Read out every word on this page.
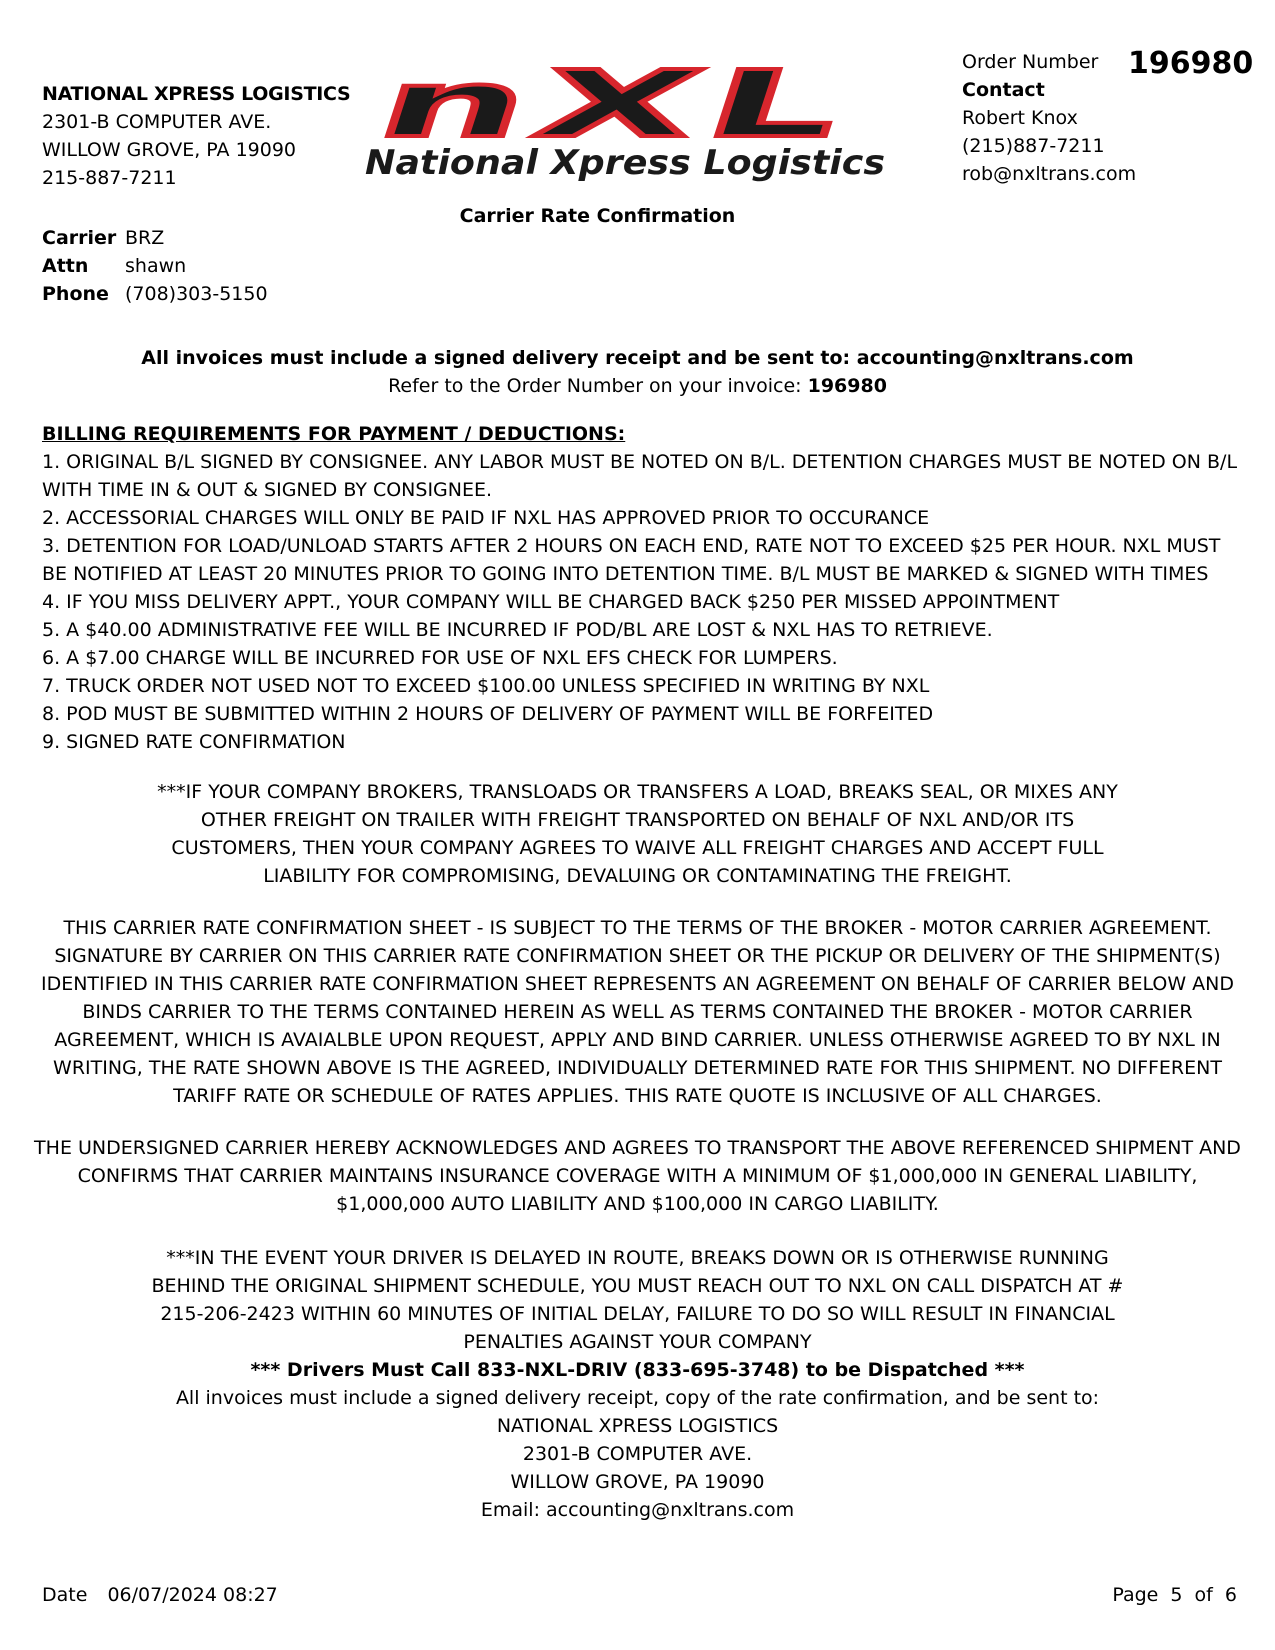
NATIONAL XPRESS LOGISTICS
2301-B COMPUTER AVE.
WILLOW GROVE, PA 19090
215-887-7211
nXL
National Xpress Logistics
Order Number
Contact
Robert Knox
(215)887-7211
rob@nxltrans.com
196980
Carrier Rate Confirmation
Carrier BRZ
Attn	shawn
Phone (708)303-5150
All invoices must include a signed delivery receipt and be sent to: accounting@nxltrans.com
Refer to the Order Number on your invoice: 196980
BILLING REQUIREMENTS FOR PAYMENT / DEDUCTIONS:
1. ORIGINAL B/L SIGNED BY CONSIGNEE. ANY LABOR MUST BE NOTED ON B/L. DETENTION CHARGES MUST BE NOTED ON B/L WITH TIME IN & OUT & SIGNED BY CONSIGNEE.
2. ACCESSORIAL CHARGES WILL ONLY BE PAID IF NXL HAS APPROVED PRIOR TO OCCURANCE
3. DETENTION FOR LOAD/UNLOAD STARTS AFTER 2 HOURS ON EACH END, RATE NOT TO EXCEED $25 PER HOUR. NXL MUST BE NOTIFIED AT LEAST 20 MINUTES PRIOR TO GOING INTO DETENTION TIME. B/L MUST BE MARKED & SIGNED WITH TIMES
4. IF YOU MISS DELIVERY APPT., YOUR COMPANY WILL BE CHARGED BACK $250 PER MISSED APPOINTMENT
5. A $40.00 ADMINISTRATIVE FEE WILL BE INCURRED IF POD/BL ARE LOST & NXL HAS TO RETRIEVE.
6. A $7.00 CHARGE WILL BE INCURRED FOR USE OF NXL EFS CHECK FOR LUMPERS.
7. TRUCK ORDER NOT USED NOT TO EXCEED $100.00 UNLESS SPECIFIED IN WRITING BY NXL
8. POD MUST BE SUBMITTED WITHIN 2 HOURS OF DELIVERY OF PAYMENT WILL BE FORFEITED
9. SIGNED RATE CONFIRMATION
***IF YOUR COMPANY BROKERS, TRANSLOADS OR TRANSFERS A LOAD, BREAKS SEAL, OR MIXES ANY
OTHER FREIGHT ON TRAILER WITH FREIGHT TRANSPORTED ON BEHALF OF NXL AND/OR ITS
CUSTOMERS, THEN YOUR COMPANY AGREES TO WAIVE ALL FREIGHT CHARGES AND ACCEPT FULL
LIABILITY FOR COMPROMISING, DEVALUING OR CONTAMINATING THE FREIGHT.
THIS CARRIER RATE CONFIRMATION SHEET - IS SUBJECT TO THE TERMS OF THE BROKER - MOTOR CARRIER AGREEMENT.
SIGNATURE BY CARRIER ON THIS CARRIER RATE CONFIRMATION SHEET OR THE PICKUP OR DELIVERY OF THE SHIPMENT(S)
IDENTIFIED IN THIS CARRIER RATE CONFIRMATION SHEET REPRESENTS AN AGREEMENT ON BEHALF OF CARRIER BELOW AND
BINDS CARRIER TO THE TERMS CONTAINED HEREIN AS WELL AS TERMS CONTAINED THE BROKER - MOTOR CARRIER
AGREEMENT, WHICH IS AVAIALBLE UPON REQUEST, APPLY AND BIND CARRIER. UNLESS OTHERWISE AGREED TO BY NXL IN
WRITING, THE RATE SHOWN ABOVE IS THE AGREED, INDIVIDUALLY DETERMINED RATE FOR THIS SHIPMENT. NO DIFFERENT
TARIFF RATE OR SCHEDULE OF RATES APPLIES. THIS RATE QUOTE IS INCLUSIVE OF ALL CHARGES.
THE UNDERSIGNED CARRIER HEREBY ACKNOWLEDGES AND AGREES TO TRANSPORT THE ABOVE REFERENCED SHIPMENT AND
CONFIRMS THAT CARRIER MAINTAINS INSURANCE COVERAGE WITH A MINIMUM OF $1,000,000 IN GENERAL LIABILITY,
$1,000,000 AUTO LIABILITY AND $100,000 IN CARGO LIABILITY.
***IN THE EVENT YOUR DRIVER IS DELAYED IN ROUTE, BREAKS DOWN OR IS OTHERWISE RUNNING
BEHIND THE ORIGINAL SHIPMENT SCHEDULE, YOU MUST REACH OUT TO NXL ON CALL DISPATCH AT #
215-206-2423 WITHIN 60 MINUTES OF INITIAL DELAY, FAILURE TO DO SO WILL RESULT IN FINANCIAL
PENALTIES AGAINST YOUR COMPANY
*** Drivers Must Call 833-NXL-DRIV (833-695-3748) to be Dispatched ***
All invoices must include a signed delivery receipt, copy of the rate confirmation, and be sent to:
NATIONAL XPRESS LOGISTICS
2301-B COMPUTER AVE.
WILLOW GROVE, PA 19090
Email: accounting@nxltrans.com
Date 06/07/2024 08:27	Page 5 of 6
